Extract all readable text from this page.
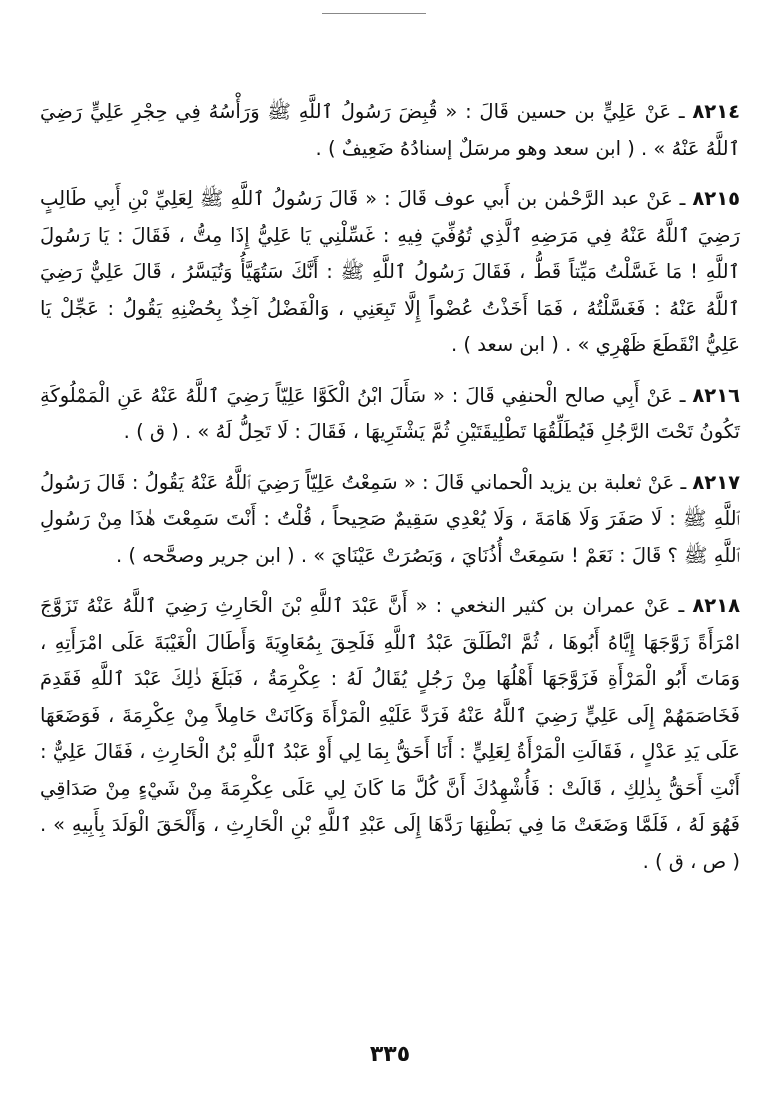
٨٢١٤ ـ عَنْ عَلِيٍّ بن حسين قَالَ : « قُبِضَ رَسُولُ ٱللَّهِ ﷺ وَرَأْسُهُ فِي حِجْرِ عَلِيٍّ رَضِيَ ٱللَّهُ عَنْهُ » . ( ابن سعد وهو مرسَلٌ إسنادُهُ ضَعِيفٌ ) .

٨٢١٥ ـ عَنْ عبد الرَّحْمٰن بن أَبي عوف قَالَ : « قَالَ رَسُولُ ٱللَّهِ ﷺ لِعَلِيِّ بْنِ أَبِي طَالِبٍ رَضِيَ ٱللَّهُ عَنْهُ فِي مَرَضِهِ ٱلَّذِي تُوُفِّيَ فِيهِ : غَسِّلْنِي يَا عَلِيُّ إِذَا مِتُّ ، فَقَالَ : يَا رَسُولَ ٱللَّهِ ! مَا غَسَّلْتُ مَيِّتاً قَطُّ ، فَقَالَ رَسُولُ ٱللَّهِ ﷺ : أَنَّكَ سَتُهَيَّأُ وَتُيَسَّرُ ، قَالَ عَلِيٌّ رَضِيَ ٱللَّهُ عَنْهُ : فَغَسَّلْتُهُ ، فَمَا أَخَذْتُ عُضْواً إِلَّا تَبِعَنِي ، وَالْفَضْلُ آخِذٌ بِحُضْنِهِ يَقُولُ : عَجِّلْ يَا عَلِيُّ انْقَطَعَ ظَهْرِي » . ( ابن سعد ) .

٨٢١٦ ـ عَنْ أَبِي صالح الْحنفِي قَالَ : « سَأَلَ ابْنُ الْكَوَّا عَلِيّاً رَضِيَ ٱللَّهُ عَنْهُ عَنِ الْمَمْلُوكَةِ تَكُونُ تَحْتَ الرَّجُلِ فَيُطَلِّقُهَا تَطْلِيقَتَيْنِ ثُمَّ يَشْتَرِيهَا ، فَقَالَ : لَا تَحِلُّ لَهُ » . ( ق ) .

٨٢١٧ ـ عَنْ ثعلبة بن يزيد الْحماني قَالَ : « سَمِعْتُ عَلِيّاً رَضِيَ ٱللَّهُ عَنْهُ يَقُولُ : قَالَ رَسُولُ ٱللَّهِ ﷺ : لَا صَفَرَ وَلَا هَامَةَ ، وَلَا يُعْدِي سَقِيمٌ صَحِيحاً ، قُلْتُ : أَنْتَ سَمِعْتَ هٰذَا مِنْ رَسُولِ ٱللَّهِ ﷺ ؟ قَالَ : نَعَمْ ! سَمِعَتْ أُذُنَايَ ، وَبَصُرَتْ عَيْنَايَ » . ( ابن جرير وصحَّحه ) .

٨٢١٨ ـ عَنْ عمران بن كثير النخعي : « أَنَّ عَبْدَ ٱللَّهِ بْنَ الْحَارِثِ رَضِيَ ٱللَّهُ عَنْهُ تَزَوَّجَ امْرَأَةً زَوَّجَهَا إِيَّاهُ أَبُوهَا ، ثُمَّ انْطَلَقَ عَبْدُ ٱللَّهِ فَلَحِقَ بِمُعَاوِيَةَ وَأَطَالَ الْغَيْبَةَ عَلَى امْرَأَتِهِ ، وَمَاتَ أَبُو الْمَرْأَةِ فَزَوَّجَهَا أَهْلُهَا مِنْ رَجُلٍ يُقَالُ لَهُ : عِكْرِمَةُ ، فَبَلَغَ ذٰلِكَ عَبْدَ ٱللَّهِ فَقَدِمَ فَخَاصَمَهُمْ إِلَى عَلِيٍّ رَضِيَ ٱللَّهُ عَنْهُ فَرَدَّ عَلَيْهِ الْمَرْأَةَ وَكَانَتْ حَامِلاً مِنْ عِكْرِمَةَ ، فَوَضَعَهَا عَلَى يَدِ عَدْلٍ ، فَقَالَتِ الْمَرْأَةُ لِعَلِيٍّ : أَنَا أَحَقُّ بِمَا لِي أَوْ عَبْدُ ٱللَّهِ بْنُ الْحَارِثِ ، فَقَالَ عَلِيٌّ : أَنْتِ أَحَقُّ بِذٰلِكِ ، قَالَتْ : فَأُشْهِدُكَ أَنَّ كُلَّ مَا كَانَ لِي عَلَى عِكْرِمَةَ مِنْ شَيْءٍ مِنْ صَدَاقِي فَهُوَ لَهُ ، فَلَمَّا وَضَعَتْ مَا فِي بَطْنِهَا رَدَّهَا إِلَى عَبْدِ ٱللَّهِ بْنِ الْحَارِثِ ، وَأَلْحَقَ الْوَلَدَ بِأَبِيهِ » . ( ص ، ق ) .

٣٣٥
